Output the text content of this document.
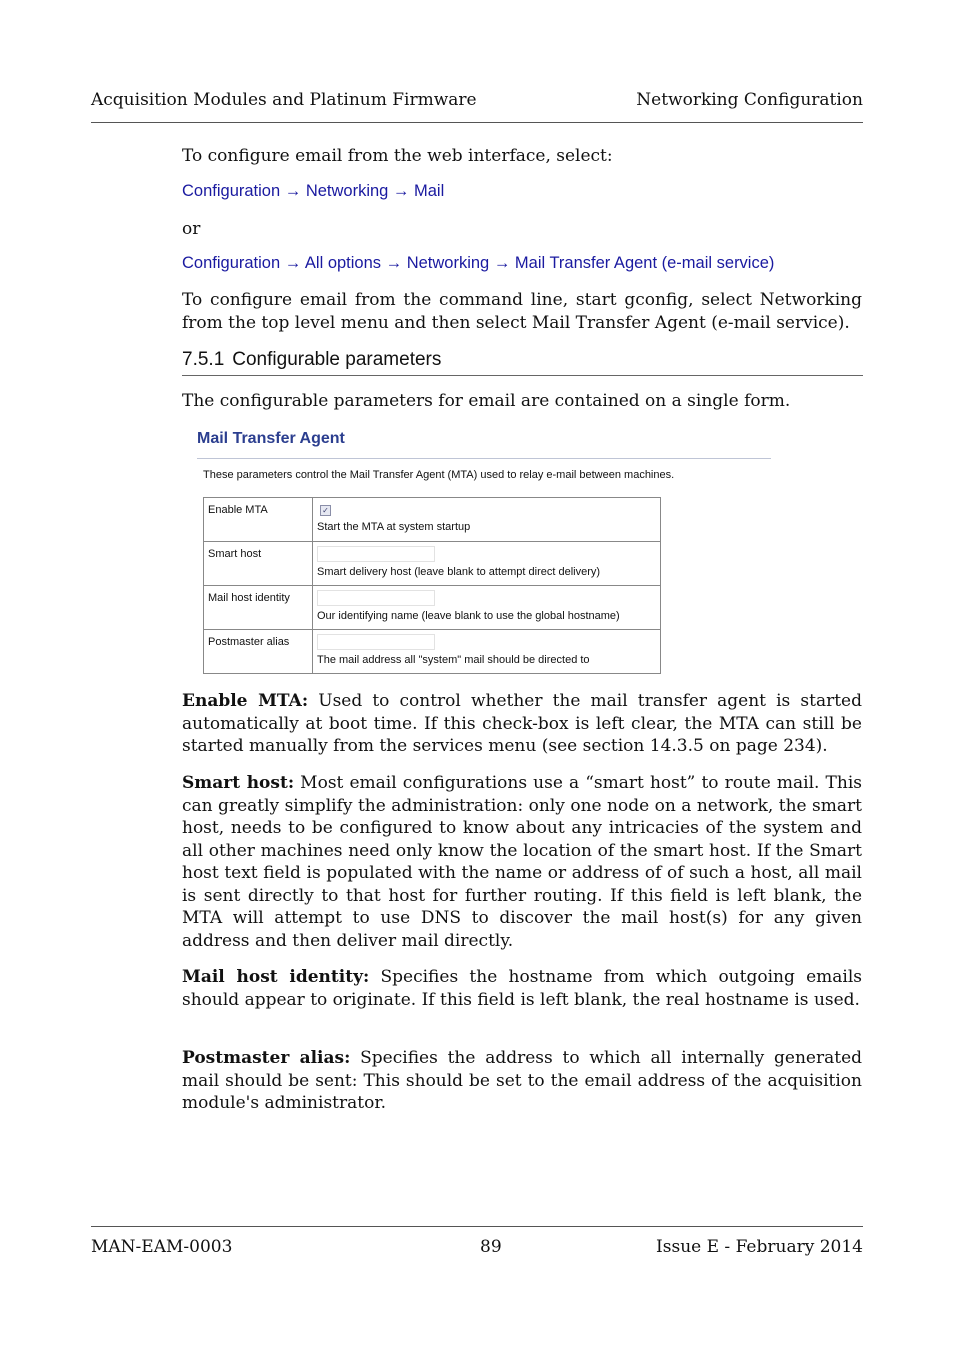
Acquisition Modules and Platinum Firmware	Networking Configuration
To configure email from the web interface, select:
Configuration → Networking → Mail
or
Configuration → All options → Networking → Mail Transfer Agent (e-mail service)
To configure email from the command line, start gconfig, select Networking from the top level menu and then select Mail Transfer Agent (e-mail service).
7.5.1 Configurable parameters
The configurable parameters for email are contained on a single form.
Mail Transfer Agent
These parameters control the Mail Transfer Agent (MTA) used to relay e-mail between machines.
Enable MTA	✓
Start the MTA at system startup

Smart host	Smart delivery host (leave blank to attempt direct delivery)

Mail host identity	Our identifying name (leave blank to use the global hostname)

Postmaster alias	The mail address all "system" mail should be directed to
Enable MTA: Used to control whether the mail transfer agent is started automatically at boot time. If this check-box is left clear, the MTA can still be started manually from the services menu (see section 14.3.5 on page 234).
Smart host: Most email configurations use a “smart host” to route mail. This can greatly simplify the administration: only one node on a network, the smart host, needs to be configured to know about any intricacies of the system and all other machines need only know the location of the smart host. If the Smart host text field is populated with the name or address of of such a host, all mail is sent directly to that host for further routing. If this field is left blank, the MTA will attempt to use DNS to discover the mail host(s) for any given address and then deliver mail directly.
Mail host identity: Specifies the hostname from which outgoing emails should appear to originate. If this field is left blank, the real hostname is used.
Postmaster alias: Specifies the address to which all internally generated mail should be sent: This should be set to the email address of the acquisition module's administrator.
MAN-EAM-0003	89	Issue E - February 2014
